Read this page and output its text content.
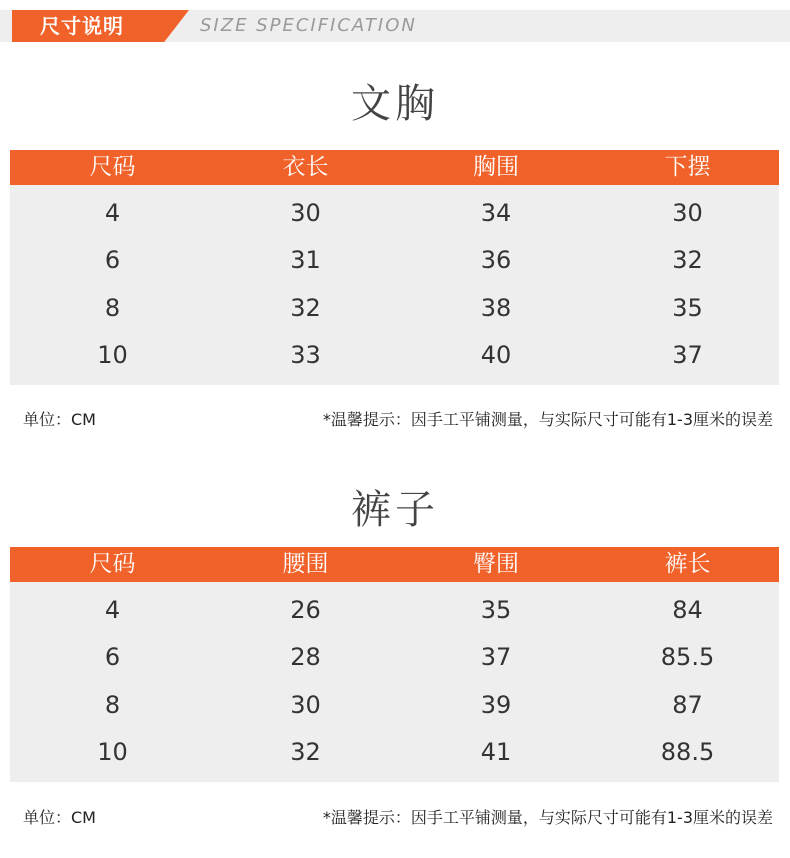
尺寸说明	SIZE SPECIFICATION
文胸
尺码	衣长	胸围	下摆
4	30	34	30
6	31	36	32
8	32	38	35
10	33	40	37
单位：CM	*温馨提示：因手工平铺测量，与实际尺寸可能有1-3厘米的误差
裤子
尺码	腰围	臀围	裤长
4	26	35	84
6	28	37	85.5
8	30	39	87
10	32	41	88.5
单位：CM	*温馨提示：因手工平铺测量，与实际尺寸可能有1-3厘米的误差
